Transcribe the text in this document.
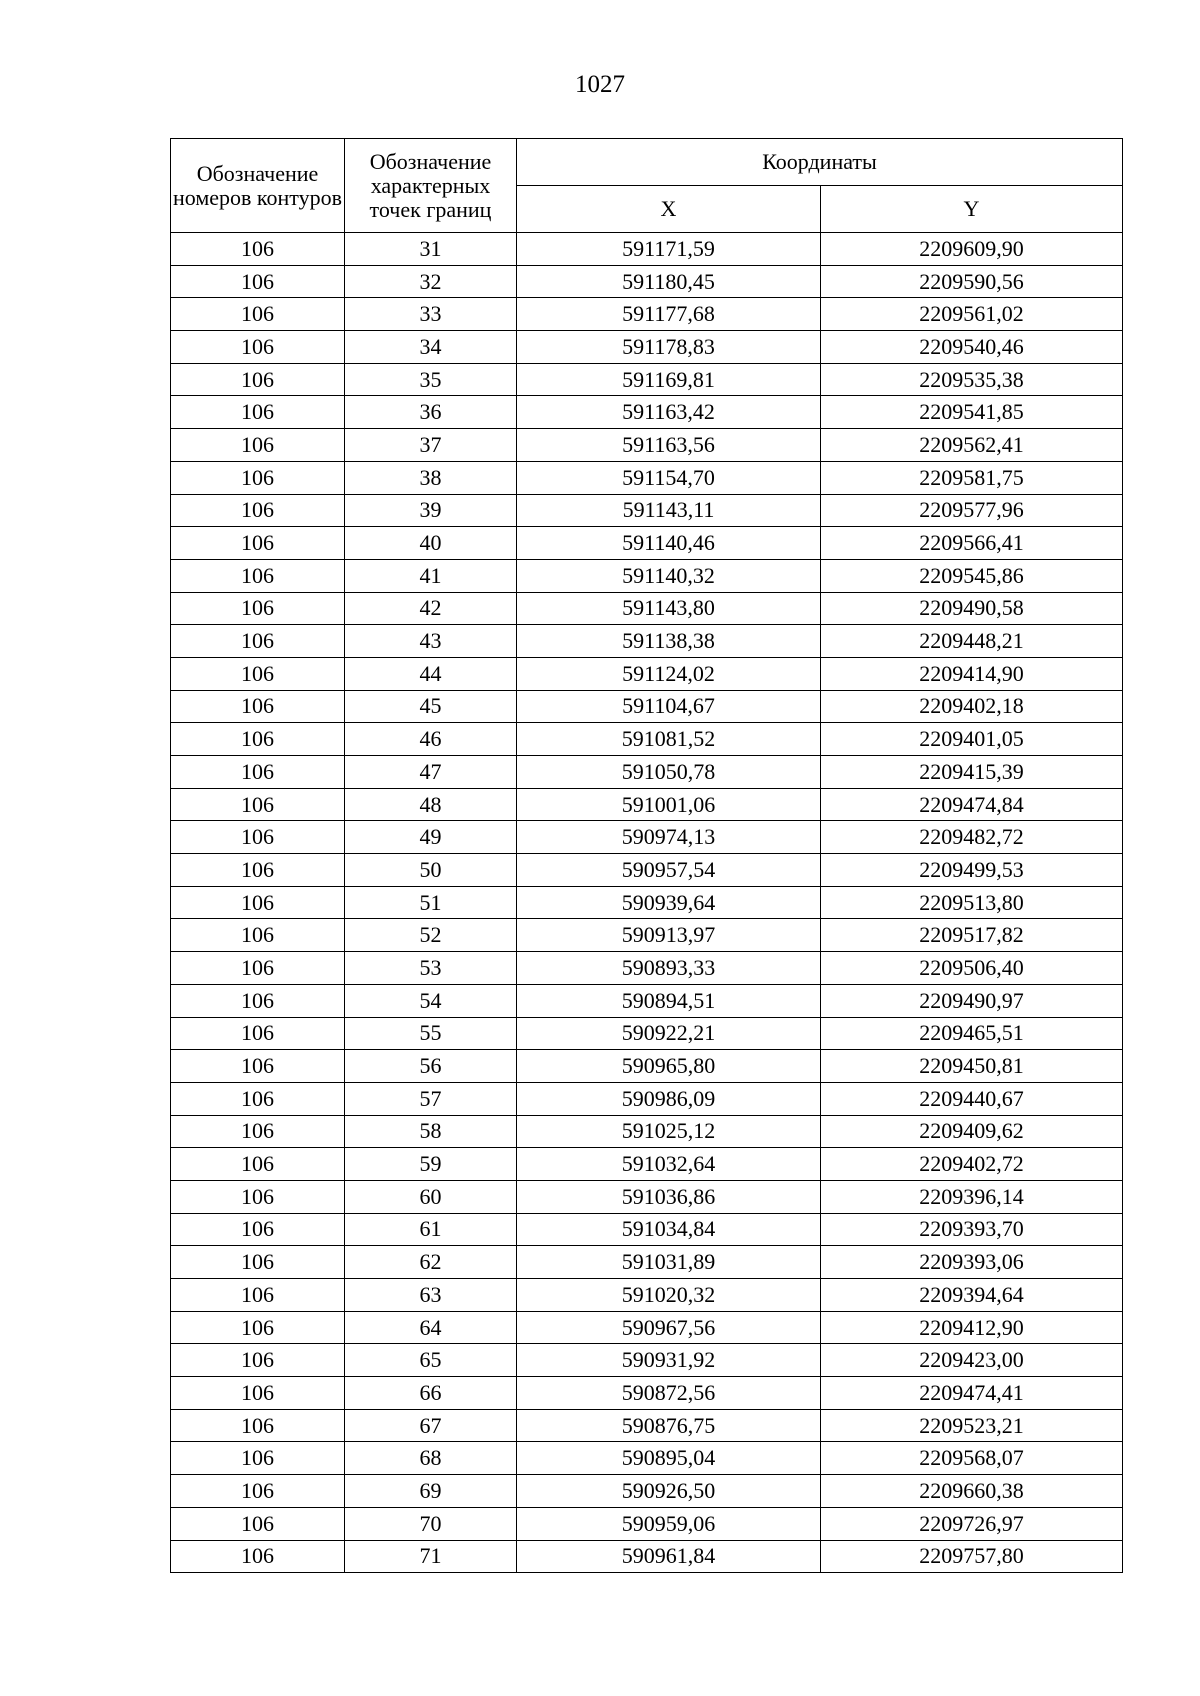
1027
Обозначение номеров контуров	Обозначение характерных точек границ	Координаты	
		X	Y
106	31	591171,59	2209609,90
106	32	591180,45	2209590,56
106	33	591177,68	2209561,02
106	34	591178,83	2209540,46
106	35	591169,81	2209535,38
106	36	591163,42	2209541,85
106	37	591163,56	2209562,41
106	38	591154,70	2209581,75
106	39	591143,11	2209577,96
106	40	591140,46	2209566,41
106	41	591140,32	2209545,86
106	42	591143,80	2209490,58
106	43	591138,38	2209448,21
106	44	591124,02	2209414,90
106	45	591104,67	2209402,18
106	46	591081,52	2209401,05
106	47	591050,78	2209415,39
106	48	591001,06	2209474,84
106	49	590974,13	2209482,72
106	50	590957,54	2209499,53
106	51	590939,64	2209513,80
106	52	590913,97	2209517,82
106	53	590893,33	2209506,40
106	54	590894,51	2209490,97
106	55	590922,21	2209465,51
106	56	590965,80	2209450,81
106	57	590986,09	2209440,67
106	58	591025,12	2209409,62
106	59	591032,64	2209402,72
106	60	591036,86	2209396,14
106	61	591034,84	2209393,70
106	62	591031,89	2209393,06
106	63	591020,32	2209394,64
106	64	590967,56	2209412,90
106	65	590931,92	2209423,00
106	66	590872,56	2209474,41
106	67	590876,75	2209523,21
106	68	590895,04	2209568,07
106	69	590926,50	2209660,38
106	70	590959,06	2209726,97
106	71	590961,84	2209757,80
